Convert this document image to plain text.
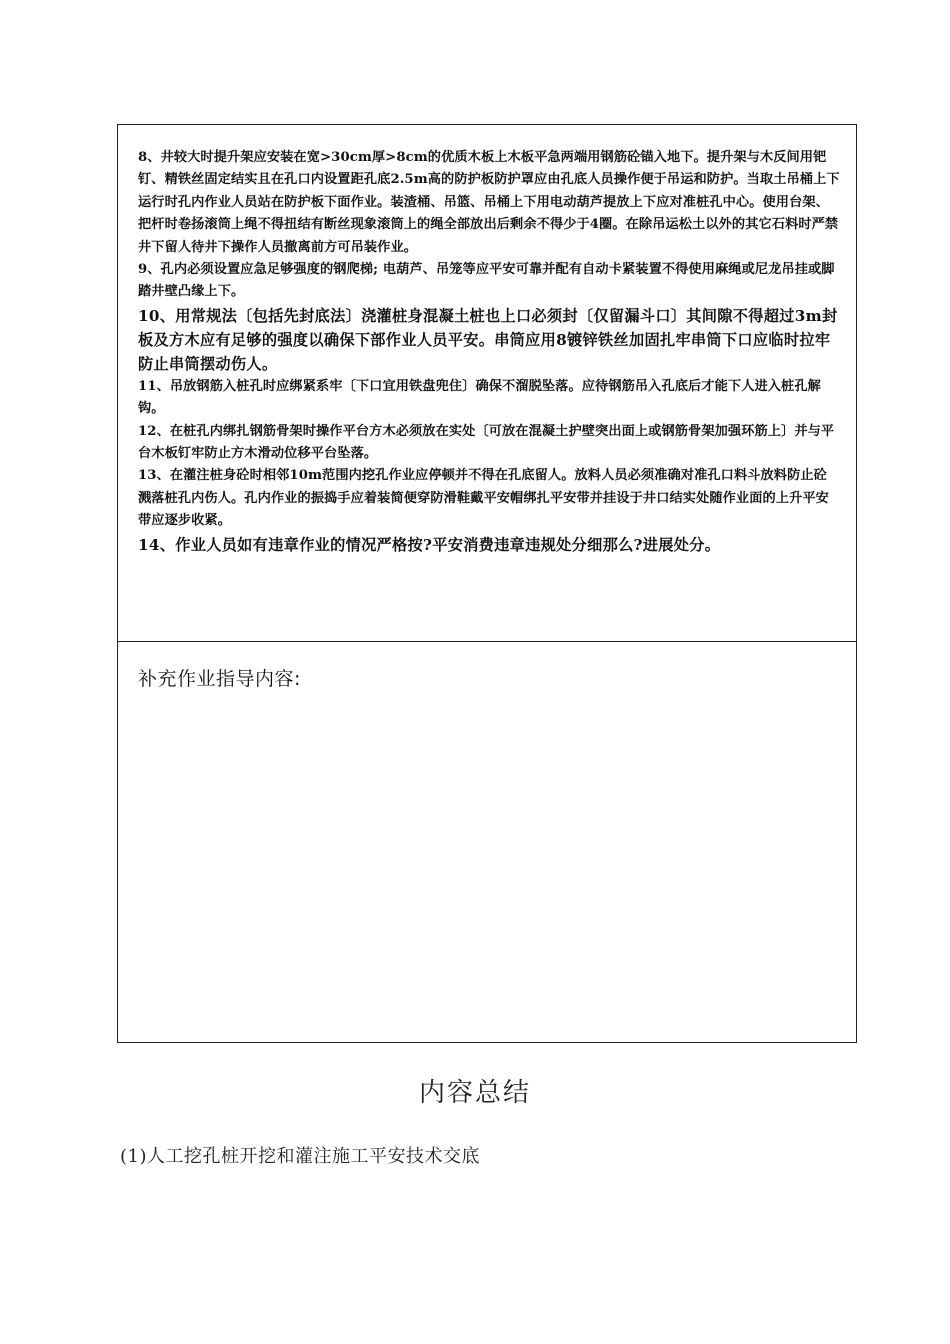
8、井较大时提升架应安装在宽>30cm厚>8cm的优质木板上木板平急两端用钢筋砼锚入地下。提升架与木反间用钯钉、精铁丝固定结实且在孔口内设置距孔底2.5m高的防护板防护罩应由孔底人员操作便于吊运和防护。当取土吊桶上下运行时孔内作业人员站在防护板下面作业。装渣桶、吊篮、吊桶上下用电动葫芦提放上下应对准桩孔中心。使用台架、把杆时卷扬滚筒上绳不得扭结有断丝现象滚筒上的绳全部放出后剩余不得少于4圈。在除吊运松土以外的其它石料时严禁井下留人待井下操作人员撤离前方可吊装作业。

9、孔内必须设置应急足够强度的钢爬梯; 电葫芦、吊笼等应平安可靠并配有自动卡紧装置不得使用麻绳或尼龙吊挂或脚踏井壁凸缘上下。

10、用常规法〔包括先封底法〕浇灌桩身混凝土桩也上口必须封〔仅留漏斗口〕其间隙不得超过3m封板及方木应有足够的强度以确保下部作业人员平安。串筒应用8镀锌铁丝加固扎牢串筒下口应临时拉牢防止串筒摆动伤人。

11、吊放钢筋入桩孔时应绑紧系牢〔下口宜用铁盘兜住〕确保不溜脱坠落。应待钢筋吊入孔底后才能下人进入桩孔解钩。

12、在桩孔内绑扎钢筋骨架时操作平台方木必须放在实处〔可放在混凝土护壁突出面上或钢筋骨架加强环筋上〕并与平台木板钉牢防止方木滑动位移平台坠落。

13、在灌注桩身砼时相邻10m范围内挖孔作业应停顿并不得在孔底留人。放料人员必须准确对准孔口料斗放料防止砼溅落桩孔内伤人。孔内作业的振捣手应着装简便穿防滑鞋戴平安帽绑扎平安带并挂设于井口结实处随作业面的上升平安带应逐步收紧。

14、作业人员如有违章作业的情况严格按?平安消费违章违规处分细那么?进展处分。

补充作业指导内容:
内容总结
(1)人工挖孔桩开挖和灌注施工平安技术交底
